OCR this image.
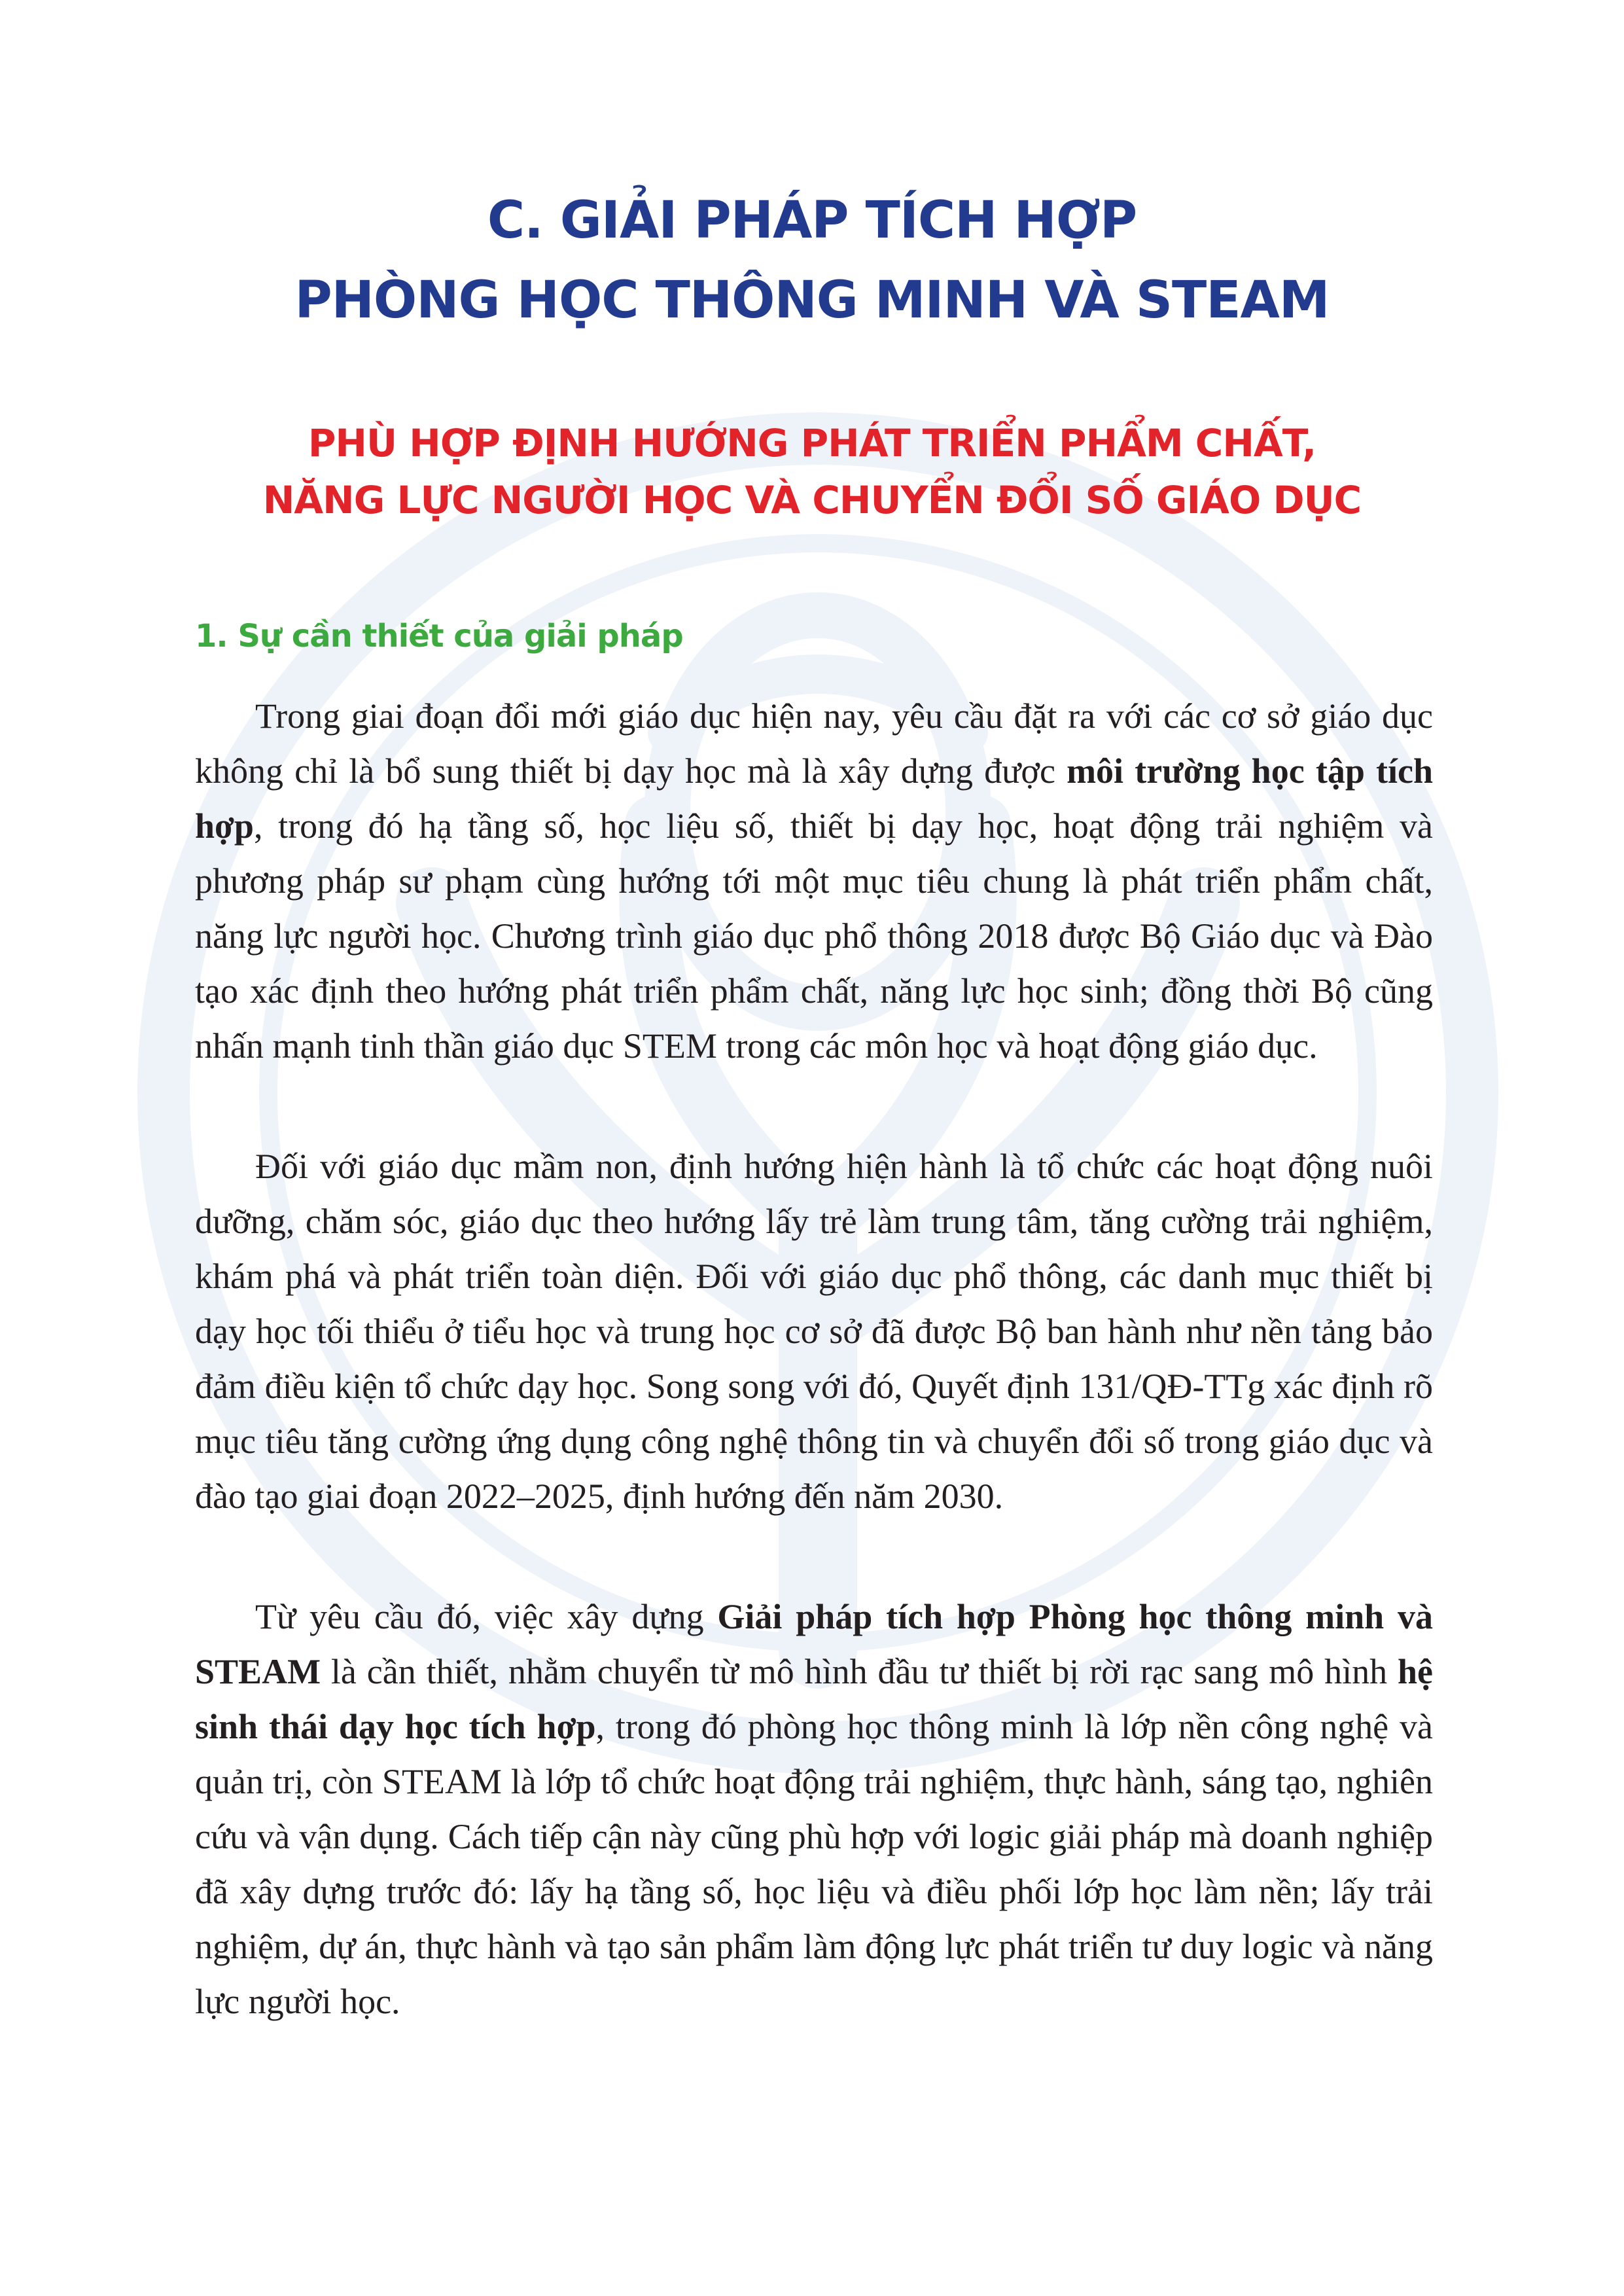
C. GIẢI PHÁP TÍCH HỢP
PHÒNG HỌC THÔNG MINH VÀ STEAM
PHÙ HỢP ĐỊNH HƯỚNG PHÁT TRIỂN PHẨM CHẤT,
NĂNG LỰC NGƯỜI HỌC VÀ CHUYỂN ĐỔI SỐ GIÁO DỤC
1. Sự cần thiết của giải pháp

Trong giai đoạn đổi mới giáo dục hiện nay, yêu cầu đặt ra với các cơ sở giáo dục không chỉ là bổ sung thiết bị dạy học mà là xây dựng được môi trường học tập tích hợp, trong đó hạ tầng số, học liệu số, thiết bị dạy học, hoạt động trải nghiệm và phương pháp sư phạm cùng hướng tới một mục tiêu chung là phát triển phẩm chất, năng lực người học. Chương trình giáo dục phổ thông 2018 được Bộ Giáo dục và Đào tạo xác định theo hướng phát triển phẩm chất, năng lực học sinh; đồng thời Bộ cũng nhấn mạnh tinh thần giáo dục STEM trong các môn học và hoạt động giáo dục.

Đối với giáo dục mầm non, định hướng hiện hành là tổ chức các hoạt động nuôi dưỡng, chăm sóc, giáo dục theo hướng lấy trẻ làm trung tâm, tăng cường trải nghiệm, khám phá và phát triển toàn diện. Đối với giáo dục phổ thông, các danh mục thiết bị dạy học tối thiểu ở tiểu học và trung học cơ sở đã được Bộ ban hành như nền tảng bảo đảm điều kiện tổ chức dạy học. Song song với đó, Quyết định 131/QĐ-TTg xác định rõ mục tiêu tăng cường ứng dụng công nghệ thông tin và chuyển đổi số trong giáo dục và đào tạo giai đoạn 2022–2025, định hướng đến năm 2030.

Từ yêu cầu đó, việc xây dựng Giải pháp tích hợp Phòng học thông minh và STEAM là cần thiết, nhằm chuyển từ mô hình đầu tư thiết bị rời rạc sang mô hình hệ sinh thái dạy học tích hợp, trong đó phòng học thông minh là lớp nền công nghệ và quản trị, còn STEAM là lớp tổ chức hoạt động trải nghiệm, thực hành, sáng tạo, nghiên cứu và vận dụng. Cách tiếp cận này cũng phù hợp với logic giải pháp mà doanh nghiệp đã xây dựng trước đó: lấy hạ tầng số, học liệu và điều phối lớp học làm nền; lấy trải nghiệm, dự án, thực hành và tạo sản phẩm làm động lực phát triển tư duy logic và năng lực người học.
